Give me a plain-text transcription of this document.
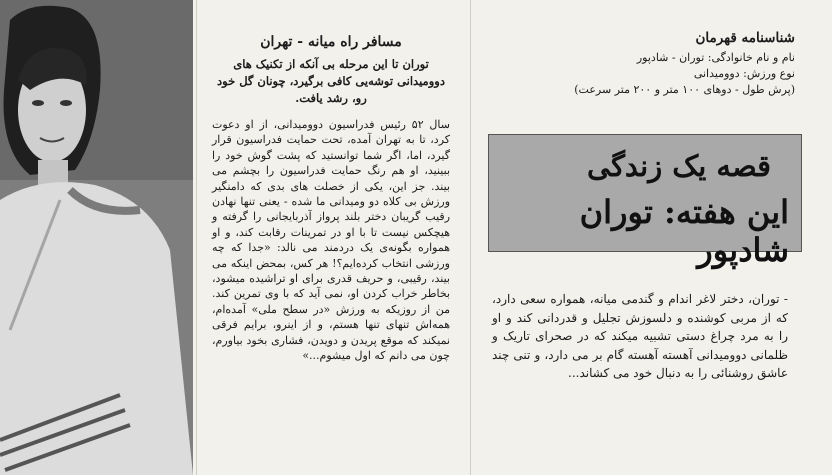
مسافر راه میانه - تهران

توران تا این مرحله بی آنکه از تکنیک های دوومیدانی توشه‌یی کافی برگیرد، چونان گل خود رو، رشد یافت.

سال ۵۲ رئیس فدراسیون دوومیدانی، از او دعوت کرد، تا به تهران آمده، تحت حمایت فدراسیون قرار گیرد، اما، اگر شما توانستید که پشت گوش خود را ببینید، او هم رنگ حمایت فدراسیون را بچشم می بیند. جز این، یکی از خصلت های بدی که دامنگیر ورزش بی کلاه دو ومیدانی ما شده - یعنی تنها نهادن رقیب گریبان دختر بلند پرواز آذربایجانی را گرفته و هیچکس نیست تا با او در تمرینات رقابت کند، و او همواره بگونه‌ی یک دردمند می نالد: «جدا که چه ورزشی انتخاب کرده‌ایم؟! هر کس، بمحض اینکه می بیند، رقیبی، و حریف قدری برای او تراشیده میشود، بخاطر خراب کردن او، نمی آید که با وی تمرین کند. من از روزیکه به ورزش «در سطح ملی» آمده‌ام، همه‌اش تنهای تنها هستم، و از اینرو، برایم فرقی نمیکند که موقع پریدن و دویدن، فشاری بخود بیاورم، چون می دانم که اول میشوم...»

شناسنامه قهرمان

نام و نام خانوادگی: توران - شادپور

نوع ورزش: دوومیدانی

(پرش طول - دوهای ۱۰۰ متر و ۲۰۰ متر سرعت)

قصه یک زندگی
این هفته: توران شادپور

- توران، دختر لاغر اندام و گندمی میانه، همواره سعی دارد، که از مربی کوشنده و دلسوزش تجلیل و قدردانی کند و او را به مرد چراغ دستی تشبیه میکند که در صحرای تاریک و ظلمانی دوومیدانی آهسته آهسته گام بر می دارد، و تنی چند عاشق روشنائی را به دنبال خود می کشاند...
